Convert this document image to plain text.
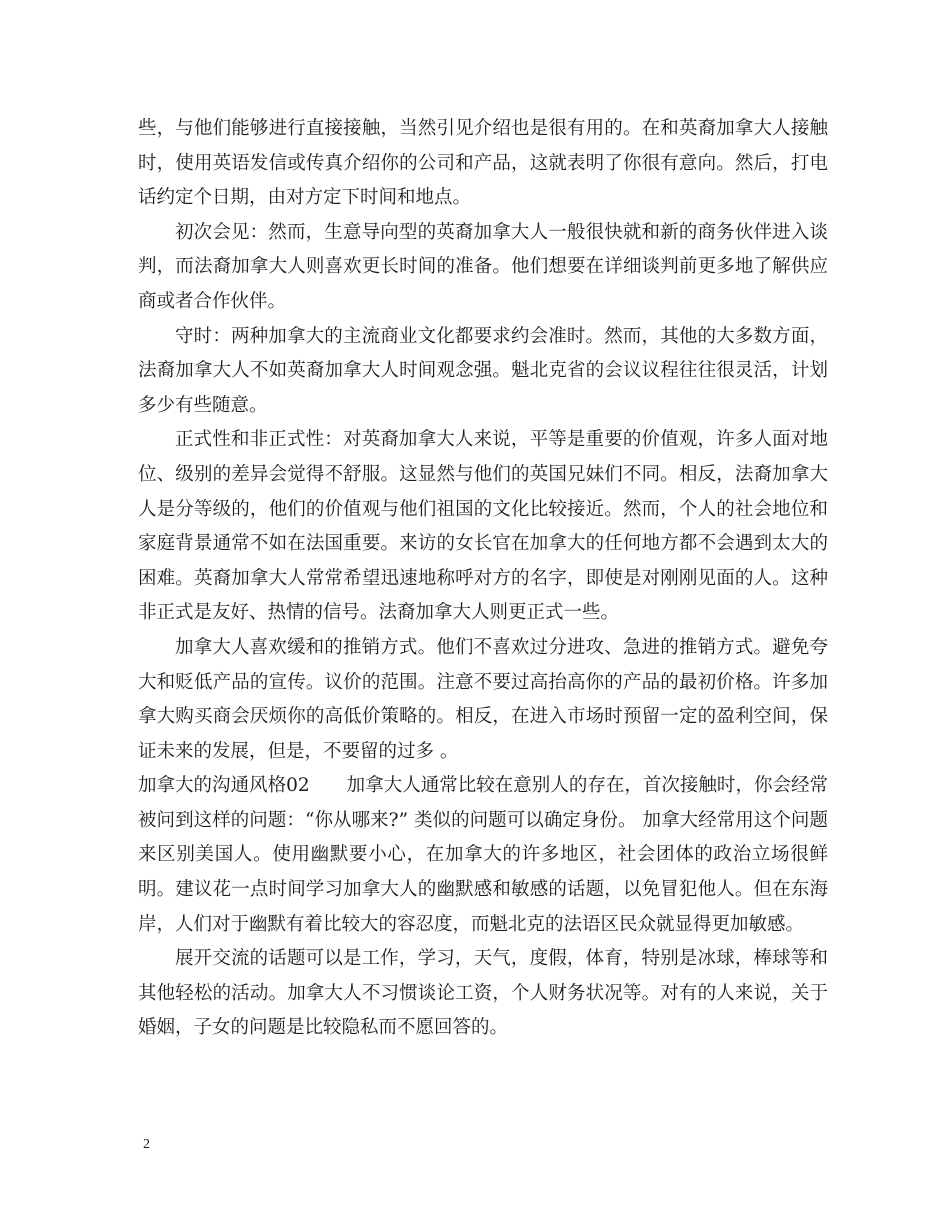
些，与他们能够进行直接接触，当然引见介绍也是很有用的。在和英裔加拿大人接触时，使用英语发信或传真介绍你的公司和产品，这就表明了你很有意向。然后，打电话约定个日期，由对方定下时间和地点。

初次会见：然而，生意导向型的英裔加拿大人一般很快就和新的商务伙伴进入谈判，而法裔加拿大人则喜欢更长时间的准备。他们想要在详细谈判前更多地了解供应商或者合作伙伴。

守时：两种加拿大的主流商业文化都要求约会准时。然而，其他的大多数方面，法裔加拿大人不如英裔加拿大人时间观念强。魁北克省的会议议程往往很灵活，计划多少有些随意。

正式性和非正式性：对英裔加拿大人来说，平等是重要的价值观，许多人面对地位、级别的差异会觉得不舒服。这显然与他们的英国兄妹们不同。相反，法裔加拿大人是分等级的，他们的价值观与他们祖国的文化比较接近。然而，个人的社会地位和家庭背景通常不如在法国重要。来访的女长官在加拿大的任何地方都不会遇到太大的困难。英裔加拿大人常常希望迅速地称呼对方的名字，即使是对刚刚见面的人。这种非正式是友好、热情的信号。法裔加拿大人则更正式一些。

加拿大人喜欢缓和的推销方式。他们不喜欢过分进攻、急进的推销方式。避免夸大和贬低产品的宣传。议价的范围。注意不要过高抬高你的产品的最初价格。许多加拿大购买商会厌烦你的高低价策略的。相反，在进入市场时预留一定的盈利空间，保证未来的发展，但是，不要留的过多 。

加拿大的沟通风格02　　加拿大人通常比较在意别人的存在，首次接触时，你会经常被问到这样的问题：“你从哪来?” 类似的问题可以确定身份。 加拿大经常用这个问题来区别美国人。使用幽默要小心，在加拿大的许多地区，社会团体的政治立场很鲜明。建议花一点时间学习加拿大人的幽默感和敏感的话题，以免冒犯他人。但在东海岸，人们对于幽默有着比较大的容忍度，而魁北克的法语区民众就显得更加敏感。

展开交流的话题可以是工作，学习，天气，度假，体育，特别是冰球，棒球等和其他轻松的活动。加拿大人不习惯谈论工资，个人财务状况等。对有的人来说，关于婚姻，子女的问题是比较隐私而不愿回答的。

2
